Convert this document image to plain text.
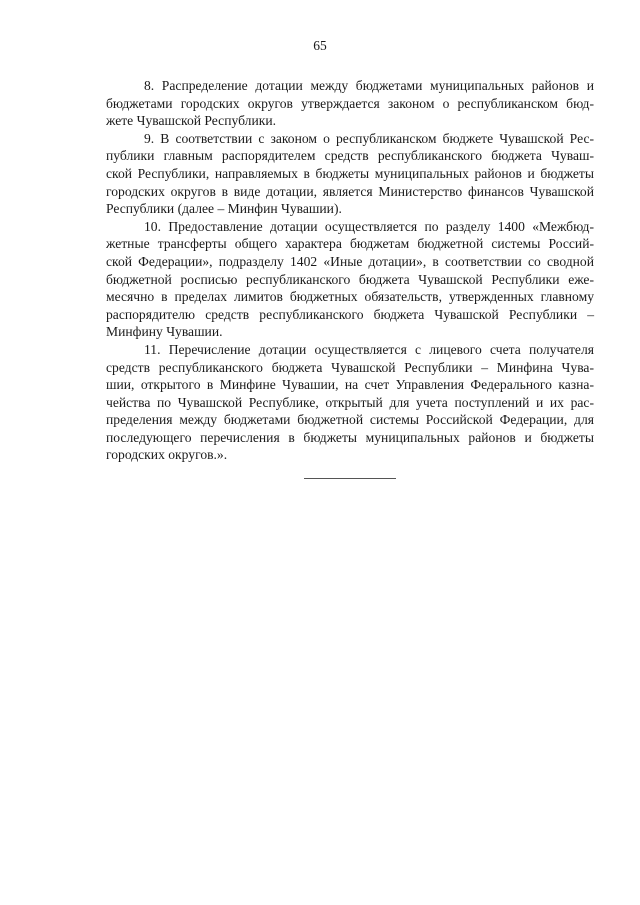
65
8. Распределение дотации между бюджетами муниципальных районов и
бюджетами городских округов утверждается законом о республиканском бюд-
жете Чувашской Республики.
9. В соответствии с законом о республиканском бюджете Чувашской Рес-
публики главным распорядителем средств республиканского бюджета Чуваш-
ской Республики, направляемых в бюджеты муниципальных районов и бюджеты
городских округов в виде дотации, является Министерство финансов Чувашской
Республики (далее – Минфин Чувашии).
10. Предоставление дотации осуществляется по разделу 1400 «Межбюд-
жетные трансферты общего характера бюджетам бюджетной системы Россий-
ской Федерации», подразделу 1402 «Иные дотации», в соответствии со сводной
бюджетной росписью республиканского бюджета Чувашской Республики еже-
месячно в пределах лимитов бюджетных обязательств, утвержденных главному
распорядителю средств республиканского бюджета Чувашской Республики –
Минфину Чувашии.
11. Перечисление дотации осуществляется с лицевого счета получателя
средств республиканского бюджета Чувашской Республики – Минфина Чува-
шии, открытого в Минфине Чувашии, на счет Управления Федерального казна-
чейства по Чувашской Республике, открытый для учета поступлений и их рас-
пределения между бюджетами бюджетной системы Российской Федерации, для
последующего перечисления в бюджеты муниципальных районов и бюджеты
городских округов.».
